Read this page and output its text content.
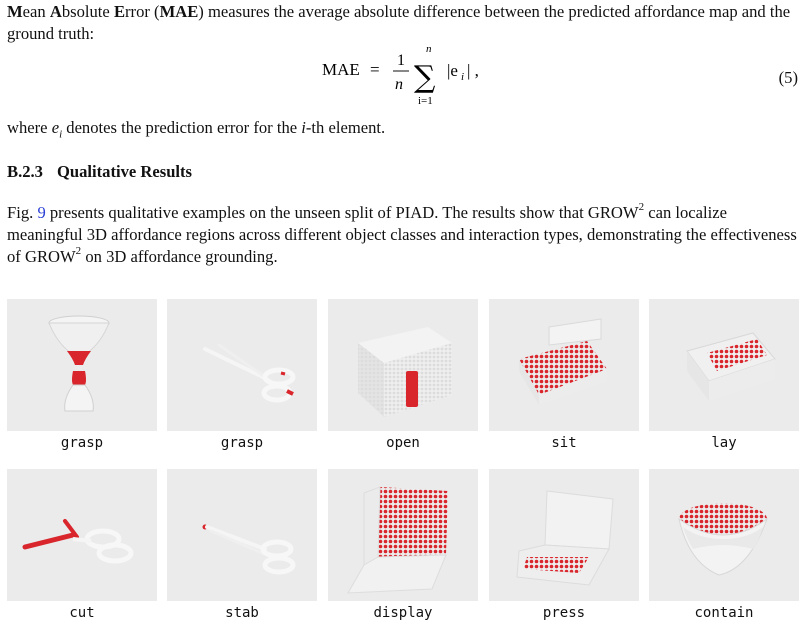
Mean Absolute Error (MAE) measures the average absolute difference between the predicted affordance map and the ground truth:

MAE = 1
n
n
∑
i=1
|e i | ,	(5)

where $e_i$ denotes the prediction error for the i-th element.

B.2.3 Qualitative Results

Fig. 9 presents qualitative examples on the unseen split of PIAD. The results show that GROW$^2$ can localize meaningful 3D affordance regions across different object classes and interaction types, demonstrating the effectiveness of GROW$^2$ on 3D affordance grounding.

grasp	grasp	open	sit	lay
cut	stab	display	press	contain
